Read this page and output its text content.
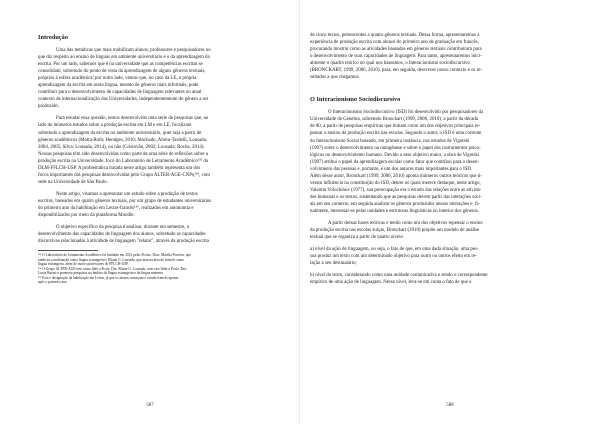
Introdução

Uma das temáticas que mais mobilizam alunos, professores e pesquisadores no
que diz respeito ao ensino de línguas em ambiente universitário é o da aprendizagem da
escrita. Por um lado, sabemos que é na universidade que as competências escritas se
consolidam, sobretudo do ponto de vista da aprendizagem de alguns gêneros textuais,
próprios à esfera acadêmica; por outro lado, vemos que, no caso da LE, a própria
aprendizagem da escrita em outra língua, mesmo de gêneros mais informais, pode
contribuir para o desenvolvimento de capacidades de linguagem relevantes no atual
contexto de internacionalização das Universidades, independentemente do gênero a ser
produzido.

Para estudar essa questão, temos desenvolvido uma série de pesquisas que, ao
lado de inúmeros estudos sobre a produção escrita em LM e em LE, focalizam
sobretudo a aprendizagem da escrita no ambiente universitário, quer seja a partir de
gêneros acadêmicos (Motta-Roth; Hendges, 2010; Machado, Abreu-Tardelli, Lousada,
2004, 2005; Silva; Lousada, 2014), ou não (Cristovão, 2002; Lousada; Rocha, 2014).
Nossas pesquisas têm sido desenvolvidas como parte de uma série de reflexões sobre a
produção escrita na Universidade, foco do Laboratório de Letramento Acadêmico¹³³ do
DLM-FFLCH-USP. A problemática tratada neste artigo também representa um dos
focos importantes das pesquisas desenvolvidas pelo Grupo ALTER-AGE-CNPq¹³⁴, com
sede na Universidade de São Paulo.

Neste artigo, visamos a apresentar um estudo sobre a produção de textos
escritos, baseados em quatro gêneros textuais, por um grupo de estudantes universitários
do primeiro ano da habilitação em Letras-francês¹³⁵, realizados em autonomia e
disponibilizados por meio da plataforma Moodle.

O objetivo específico da pesquisa é analisar, durante um semestre, o
desenvolvimento das capacidades de linguagem dos alunos, sobretudo as capacidades
discursivas relacionadas à atividade de linguagem "relatar", através da produção escrita

¹³³ O Laboratório de Letramento Acadêmico foi fundado em 2012 pelas Profas. Dras. Marília Ferreira, que
ainda na coordenação como língua estrangeira e Eliane G. Lousada, que atua na área de francês como
língua estrangeira, além de outros professores do FFLCH-USP.
¹³⁴ O Grupo ALTER-AGE tem como líder a Profa. Dra. Eliane G. Lousada, com vice-líder a Profa. Dra.
Luzia Bueno e promove pesquisas no âmbito da língua estrangeira e da língua materna.
¹³⁵ Esta é designação da habilitação em Letras, já que os alunos começam o estudo francês apenas
após o primeiro ano.
587

de cinco textos, pertencentes a quatro gêneros textuais. Dessa forma, apresentaremos a
experiência de produção escrita com alunos do primeiro ano de graduação em francês,
procurando mostrar como as atividades baseadas em gêneros textuais contribuíram para
o desenvolvimento de suas capacidades de linguagem. Para tanto, apresentaremos inici-
almente o quadro teórico no qual nos baseamos, o Interacionismo sociodiscursivo
(BRONCKART, 1999, 2006, 2010), para, em seguida, descrever nosso contexto e os re-
sultados a que chegamos.

O Interacionismo Sociodiscursivo

O Interacionismo Sociodiscursivo (ISD) foi desenvolvido por pesquisadores da
Universidade de Genebra, sobretudo Bronckart (1999, 2006, 2010), a partir da década
de 80, a partir de pesquisas empíricas que tinham como um dos objetivos principais re-
pensar o ensino da produção escrita nas escolas. Segundo o autor, o ISD é uma corrente
do Interacionismo Social baseado, em primeira instância, nos estudos de Vigotski
(1997) sobre o desenvolvimento na ontogênese e sobre o papel dos instrumentos psico-
lógicos no desenvolvimento humano. Devido a esse objetivo maior, a obra de Vigotski
(1997) atribui o papel da aprendizagem escolar como fator que contribui para o desen-
volvimento das pessoas e, portanto, é um dos autores mais importantes para o ISD.
Além desse autor, Bronckart (1999, 2006, 2010) aponta inúmeros outros teóricos que ti-
veram influência na constituição do ISD, dentre os quais merece destaque, neste artigo,
Valentin Volochínov (1977), sua preocupação era o estudo das relações entre as ativida-
des humanas e os textos, sustentando que as pesquisas devem partir das interações soci-
ais em seu contexto, em seguida analisar os gêneros produzidos nessas interações e, fi-
nalmente, interessar-se pelas unidades e estruturas linguísticas no interior dos gêneros.

A partir dessas bases teóricas e tendo como um dos objetivos repensar o ensino
da produção escrita nas escolas suíças, Bronckart (2010) propõe um modelo de análise
textual que se organiza a partir de quatro níveis:

a) nível da ação de linguagem, ou seja, o fato de que, em uma dada situação, uma pes-
soa produz um texto com um determinado objetivo para outro ou outros efeito em re-
lação a seu destinatário;

b) nível do texto, considerando como uma unidade comunicativa e sendo o correspondente
empírico de uma ação de linguagem. Nesse nível, leva-se em conta o fato de que o

588
